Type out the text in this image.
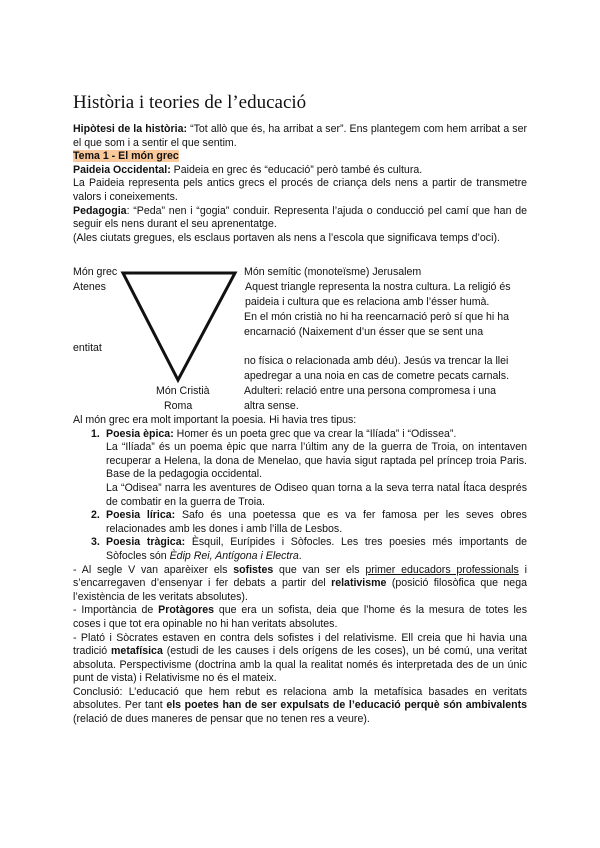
Història i teories de l’educació

Hipòtesi de la història: “Tot allò que és, ha arribat a ser”. Ens plantegem com hem arribat a ser el que som i a sentir el que sentim.

Tema 1 - El món grec

Paideia Occidental: Paideia en grec és “educació” però també és cultura.

La Paideia representa pels antics grecs el procés de criança dels nens a partir de transmetre valors i coneixements.

Pedagogia: “Peda” nen i “gogia” conduir. Representa l’ajuda o conducció pel camí que han de seguir els nens durant el seu aprenentatge.

(Ales ciutats gregues, els esclaus portaven als nens a l’escola que significava temps d’oci).

Món grec
Atenes
entitat
Món Cristià
Roma
Món semític (monoteïsme) Jerusalem
Aquest triangle representa la nostra cultura. La religió és
paideia i cultura que es relaciona amb l’ésser humà.
En el món cristià no hi ha reencarnació però sí que hi ha
encarnació (Naixement d’un ésser que se sent una
no física o relacionada amb déu). Jesús va trencar la llei
apedregar a una noia en cas de cometre pecats carnals.
Adulteri: relació entre una persona compromesa i una
altra sense.

Al món grec era molt important la poesia. Hi havia tres tipus:

1. Poesia èpica: Homer és un poeta grec que va crear la “Ilíada” i “Odissea”.

La “Ilíada” és un poema èpic que narra l’últim any de la guerra de Troia, on intentaven recuperar a Helena, la dona de Menelao, que havia sigut raptada pel príncep troia Paris. Base de la pedagogia occidental.

La “Odisea” narra les aventures de Odiseo quan torna a la seva terra natal Ítaca després de combatir en la guerra de Troia.

2. Poesia lírica: Safo és una poetessa que es va fer famosa per les seves obres relacionades amb les dones i amb l’illa de Lesbos.

3. Poesia tràgica: Èsquil, Eurípides i Sòfocles. Les tres poesies més importants de Sòfocles són Èdip Rei, Antígona i Electra.

- Al segle V van aparèixer els sofistes que van ser els primer educadors professionals i s’encarregaven d’ensenyar i fer debats a partir del relativisme (posició filosòfica que nega l’existència de les veritats absolutes).

- Importància de Protàgores que era un sofista, deia que l’home és la mesura de totes les coses i que tot era opinable no hi han veritats absolutes.

- Plató i Sòcrates estaven en contra dels sofistes i del relativisme. Ell creia que hi havia una tradició metafísica (estudi de les causes i dels orígens de les coses), un bé comú, una veritat absoluta. Perspectivisme (doctrina amb la qual la realitat només és interpretada des de un únic punt de vista) i Relativisme no és el mateix.

Conclusió: L’educació que hem rebut es relaciona amb la metafísica basades en veritats absolutes. Per tant els poetes han de ser expulsats de l’educació perquè són ambivalents (relació de dues maneres de pensar que no tenen res a veure).
